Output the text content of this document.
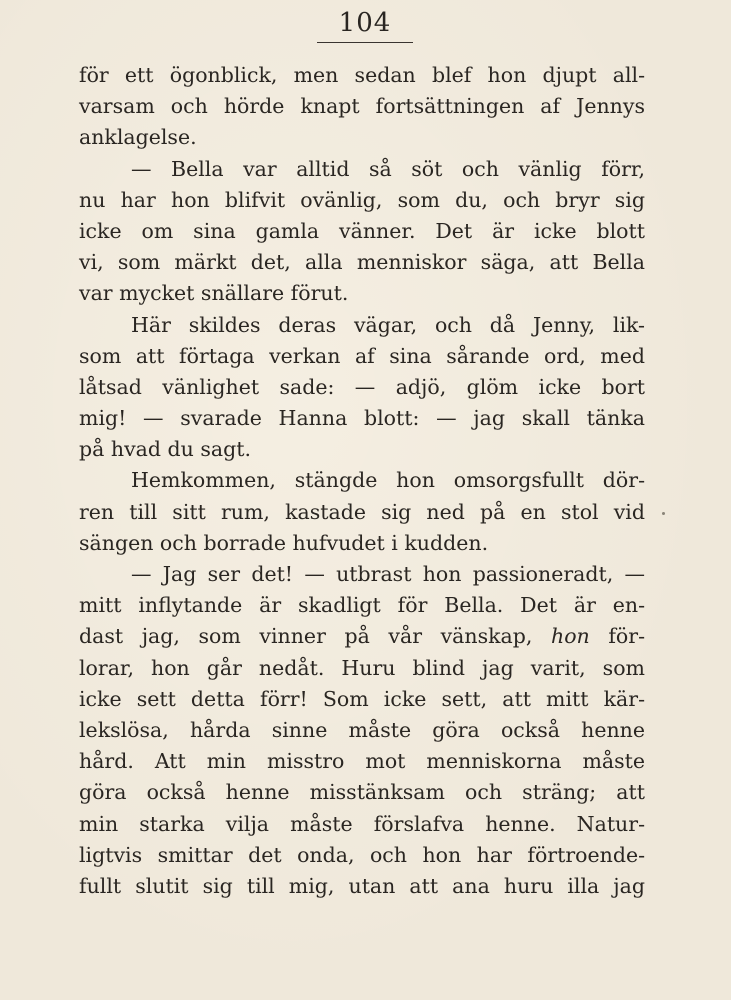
104
för ett ögonblick, men sedan blef hon djupt all-
varsam och hörde knapt fortsättningen af Jennys
anklagelse.
— Bella var alltid så söt och vänlig förr,
nu har hon blifvit ovänlig, som du, och bryr sig
icke om sina gamla vänner. Det är icke blott
vi, som märkt det, alla menniskor säga, att Bella
var mycket snällare förut.
Här skildes deras vägar, och då Jenny, lik-
som att förtaga verkan af sina sårande ord, med
låtsad vänlighet sade: — adjö, glöm icke bort
mig! — svarade Hanna blott: — jag skall tänka
på hvad du sagt.
Hemkommen, stängde hon omsorgsfullt dör-
ren till sitt rum, kastade sig ned på en stol vid
sängen och borrade hufvudet i kudden.
— Jag ser det! — utbrast hon passioneradt, —
mitt inflytande är skadligt för Bella. Det är en-
dast jag, som vinner på vår vänskap, hon för-
lorar, hon går nedåt. Huru blind jag varit, som
icke sett detta förr! Som icke sett, att mitt kär-
lekslösa, hårda sinne måste göra också henne
hård. Att min misstro mot menniskorna måste
göra också henne misstänksam och sträng; att
min starka vilja måste förslafva henne. Natur-
ligtvis smittar det onda, och hon har förtroende-
fullt slutit sig till mig, utan att ana huru illa jag
